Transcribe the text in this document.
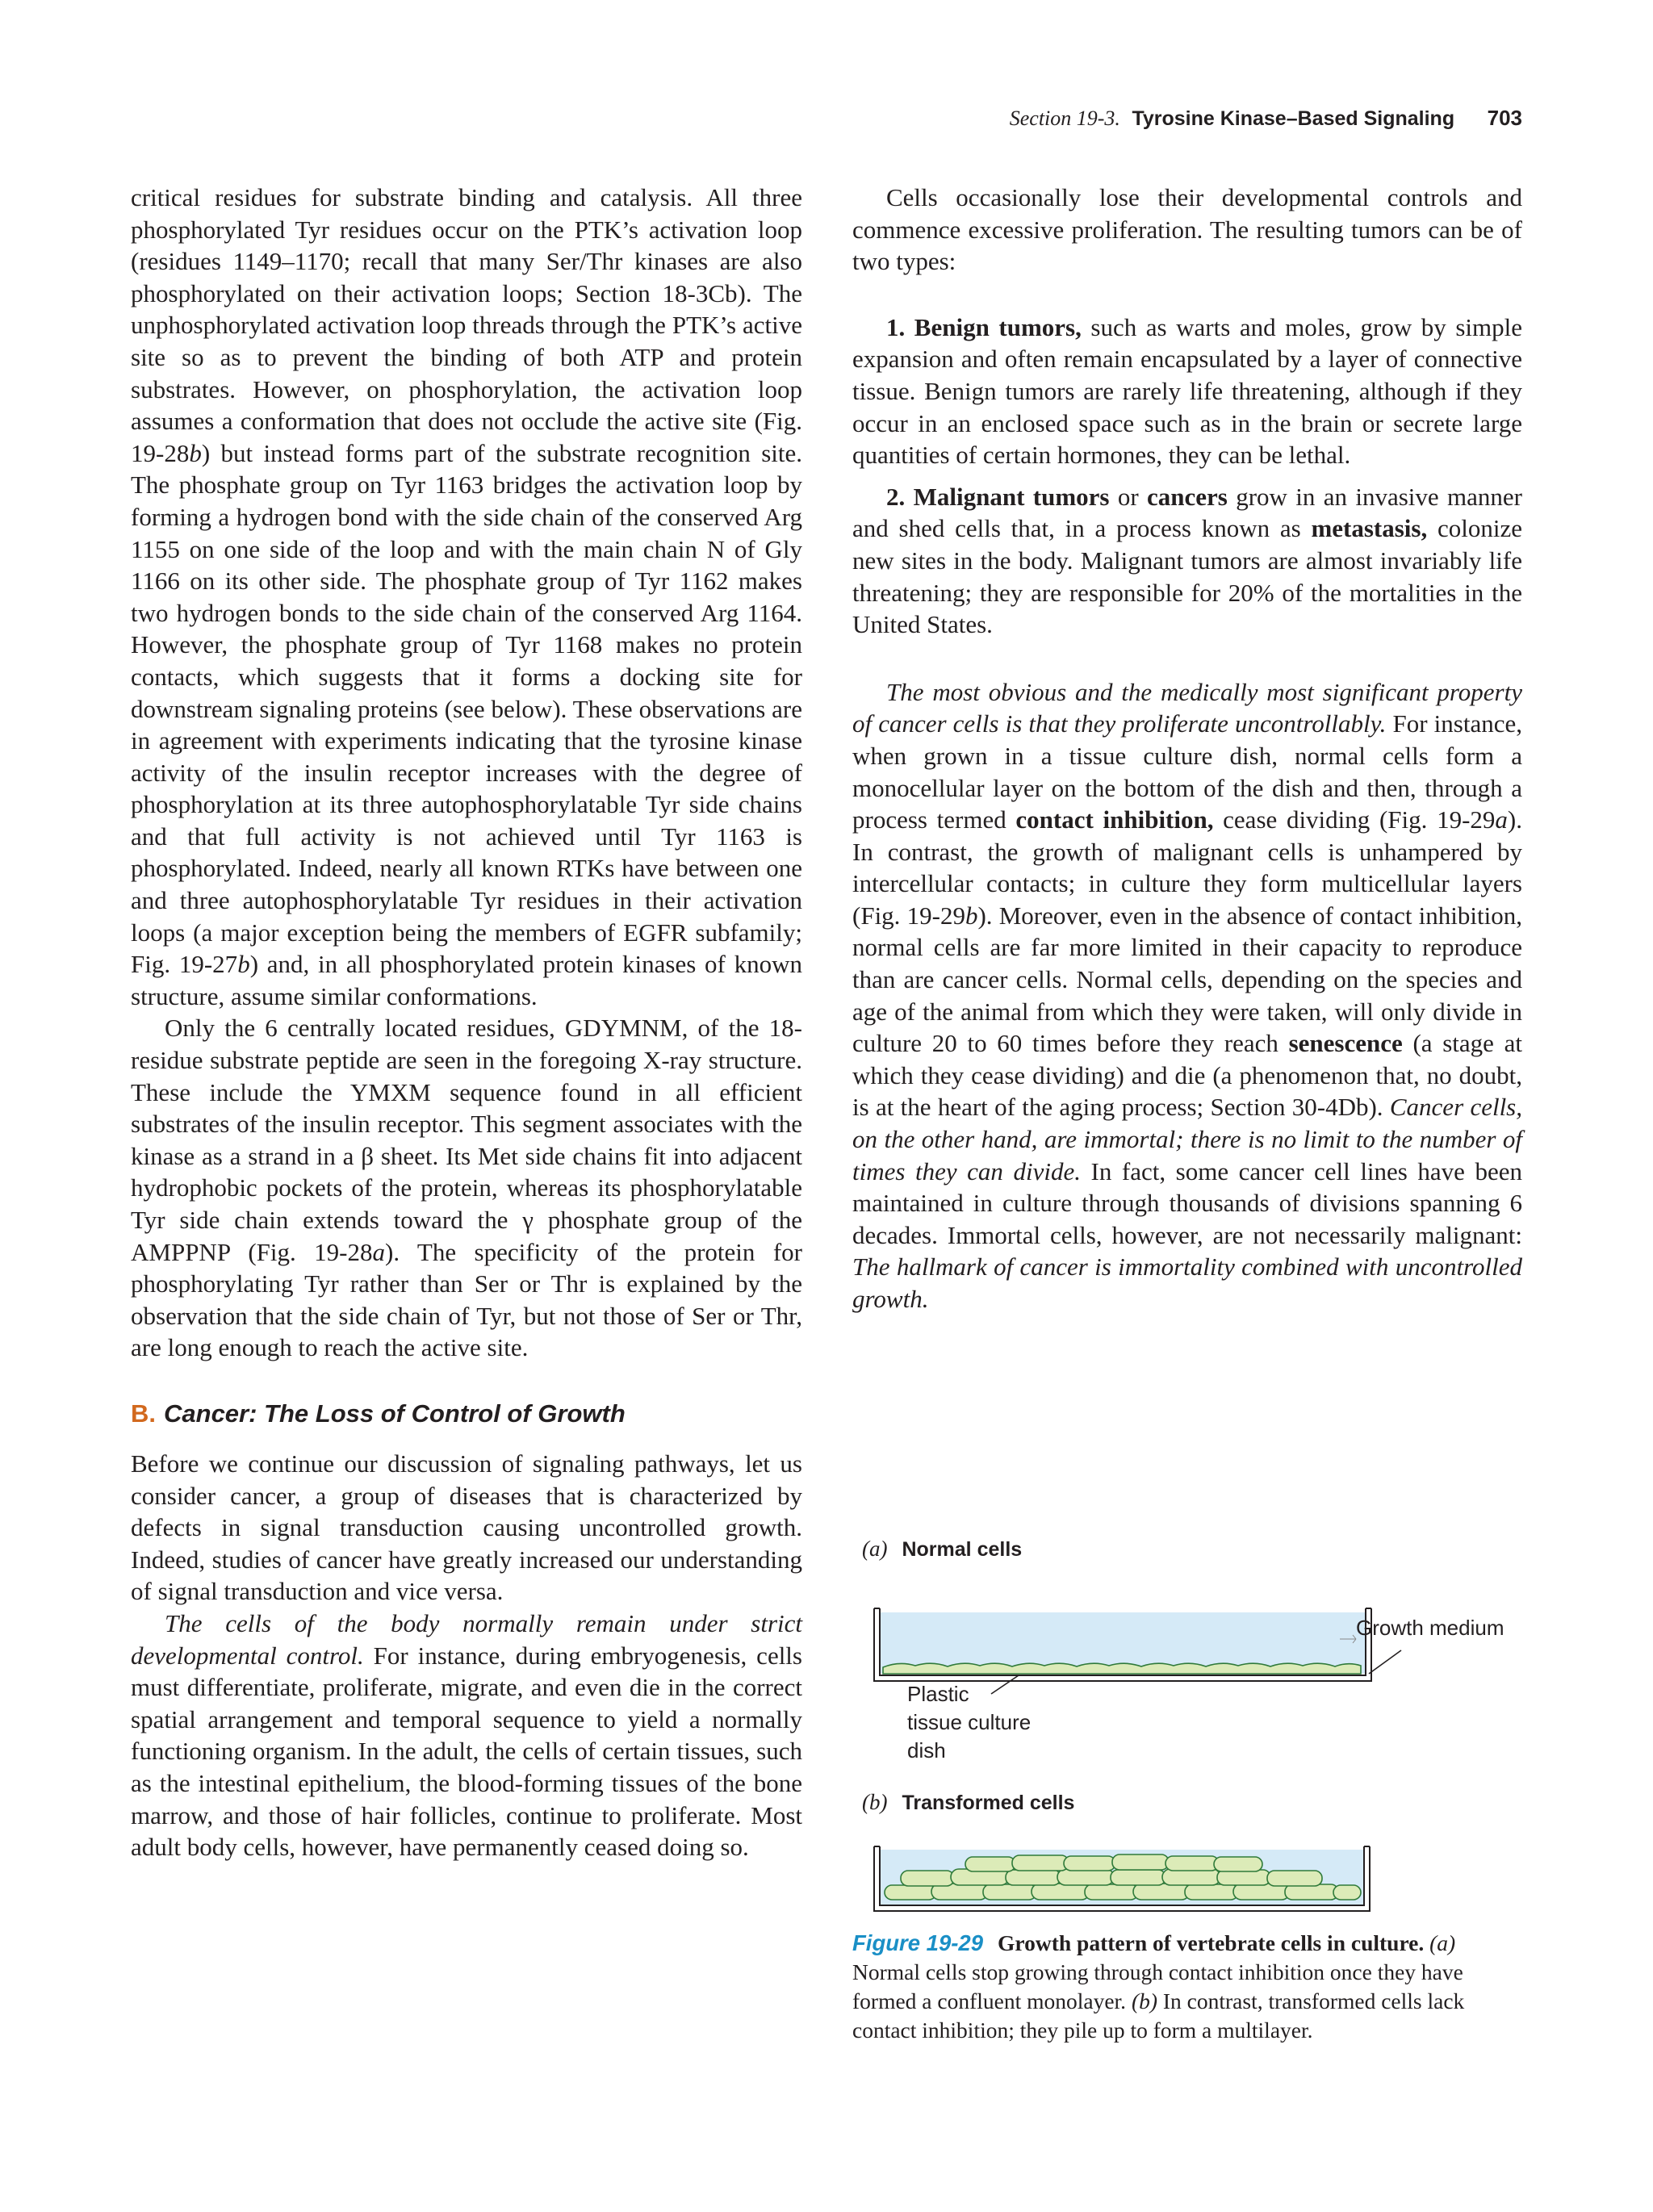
Section 19-3. Tyrosine Kinase–Based Signaling 703

critical residues for substrate binding and catalysis. All three phosphorylated Tyr residues occur on the PTK’s activation loop (residues 1149–1170; recall that many Ser/Thr kinases are also phosphorylated on their activation loops; Section 18-3Cb). The unphosphorylated activation loop threads through the PTK’s active site so as to prevent the binding of both ATP and protein substrates. However, on phosphorylation, the activation loop assumes a conformation that does not occlude the active site (Fig. 19-28b) but instead forms part of the substrate recognition site. The phosphate group on Tyr 1163 bridges the activation loop by forming a hydrogen bond with the side chain of the conserved Arg 1155 on one side of the loop and with the main chain N of Gly 1166 on its other side. The phosphate group of Tyr 1162 makes two hydrogen bonds to the side chain of the conserved Arg 1164. However, the phosphate group of Tyr 1168 makes no protein contacts, which suggests that it forms a docking site for downstream signaling proteins (see below). These observations are in agreement with experiments indicating that the tyrosine kinase activity of the insulin receptor increases with the degree of phosphorylation at its three autophosphorylatable Tyr side chains and that full activity is not achieved until Tyr 1163 is phosphorylated. Indeed, nearly all known RTKs have between one and three autophosphorylatable Tyr residues in their activation loops (a major exception being the members of EGFR subfamily; Fig. 19-27b) and, in all phosphorylated protein kinases of known structure, assume similar conformations.

Only the 6 centrally located residues, GDYMNM, of the 18-residue substrate peptide are seen in the foregoing X-ray structure. These include the YMXM sequence found in all efficient substrates of the insulin receptor. This segment associates with the kinase as a strand in a β sheet. Its Met side chains fit into adjacent hydrophobic pockets of the protein, whereas its phosphorylatable Tyr side chain extends toward the γ phosphate group of the AMPPNP (Fig. 19-28a). The specificity of the protein for phosphorylating Tyr rather than Ser or Thr is explained by the observation that the side chain of Tyr, but not those of Ser or Thr, are long enough to reach the active site.

B. Cancer: The Loss of Control of Growth

Before we continue our discussion of signaling pathways, let us consider cancer, a group of diseases that is characterized by defects in signal transduction causing uncontrolled growth. Indeed, studies of cancer have greatly increased our understanding of signal transduction and vice versa.

The cells of the body normally remain under strict developmental control. For instance, during embryogenesis, cells must differentiate, proliferate, migrate, and even die in the correct spatial arrangement and temporal sequence to yield a normally functioning organism. In the adult, the cells of certain tissues, such as the intestinal epithelium, the blood-forming tissues of the bone marrow, and those of hair follicles, continue to proliferate. Most adult body cells, however, have permanently ceased doing so.

Cells occasionally lose their developmental controls and commence excessive proliferation. The resulting tumors can be of two types:

1. Benign tumors, such as warts and moles, grow by simple expansion and often remain encapsulated by a layer of connective tissue. Benign tumors are rarely life threatening, although if they occur in an enclosed space such as in the brain or secrete large quantities of certain hormones, they can be lethal.

2. Malignant tumors or cancers grow in an invasive manner and shed cells that, in a process known as metastasis, colonize new sites in the body. Malignant tumors are almost invariably life threatening; they are responsible for 20% of the mortalities in the United States.

The most obvious and the medically most significant property of cancer cells is that they proliferate uncontrollably. For instance, when grown in a tissue culture dish, normal cells form a monocellular layer on the bottom of the dish and then, through a process termed contact inhibition, cease dividing (Fig. 19-29a). In contrast, the growth of malignant cells is unhampered by intercellular contacts; in culture they form multicellular layers (Fig. 19-29b). Moreover, even in the absence of contact inhibition, normal cells are far more limited in their capacity to reproduce than are cancer cells. Normal cells, depending on the species and age of the animal from which they were taken, will only divide in culture 20 to 60 times before they reach senescence (a stage at which they cease dividing) and die (a phenomenon that, no doubt, is at the heart of the aging process; Section 30-4Db). Cancer cells, on the other hand, are immortal; there is no limit to the number of times they can divide. In fact, some cancer cell lines have been maintained in culture through thousands of divisions spanning 6 decades. Immortal cells, however, are not necessarily malignant: The hallmark of cancer is immortality combined with uncontrolled growth.

(a) Normal cells
Growth medium
Plastic
tissue culture
dish
(b) Transformed cells
Figure 19-29 Growth pattern of vertebrate cells in culture. (a) Normal cells stop growing through contact inhibition once they have formed a confluent monolayer. (b) In contrast, transformed cells lack contact inhibition; they pile up to form a multilayer.
